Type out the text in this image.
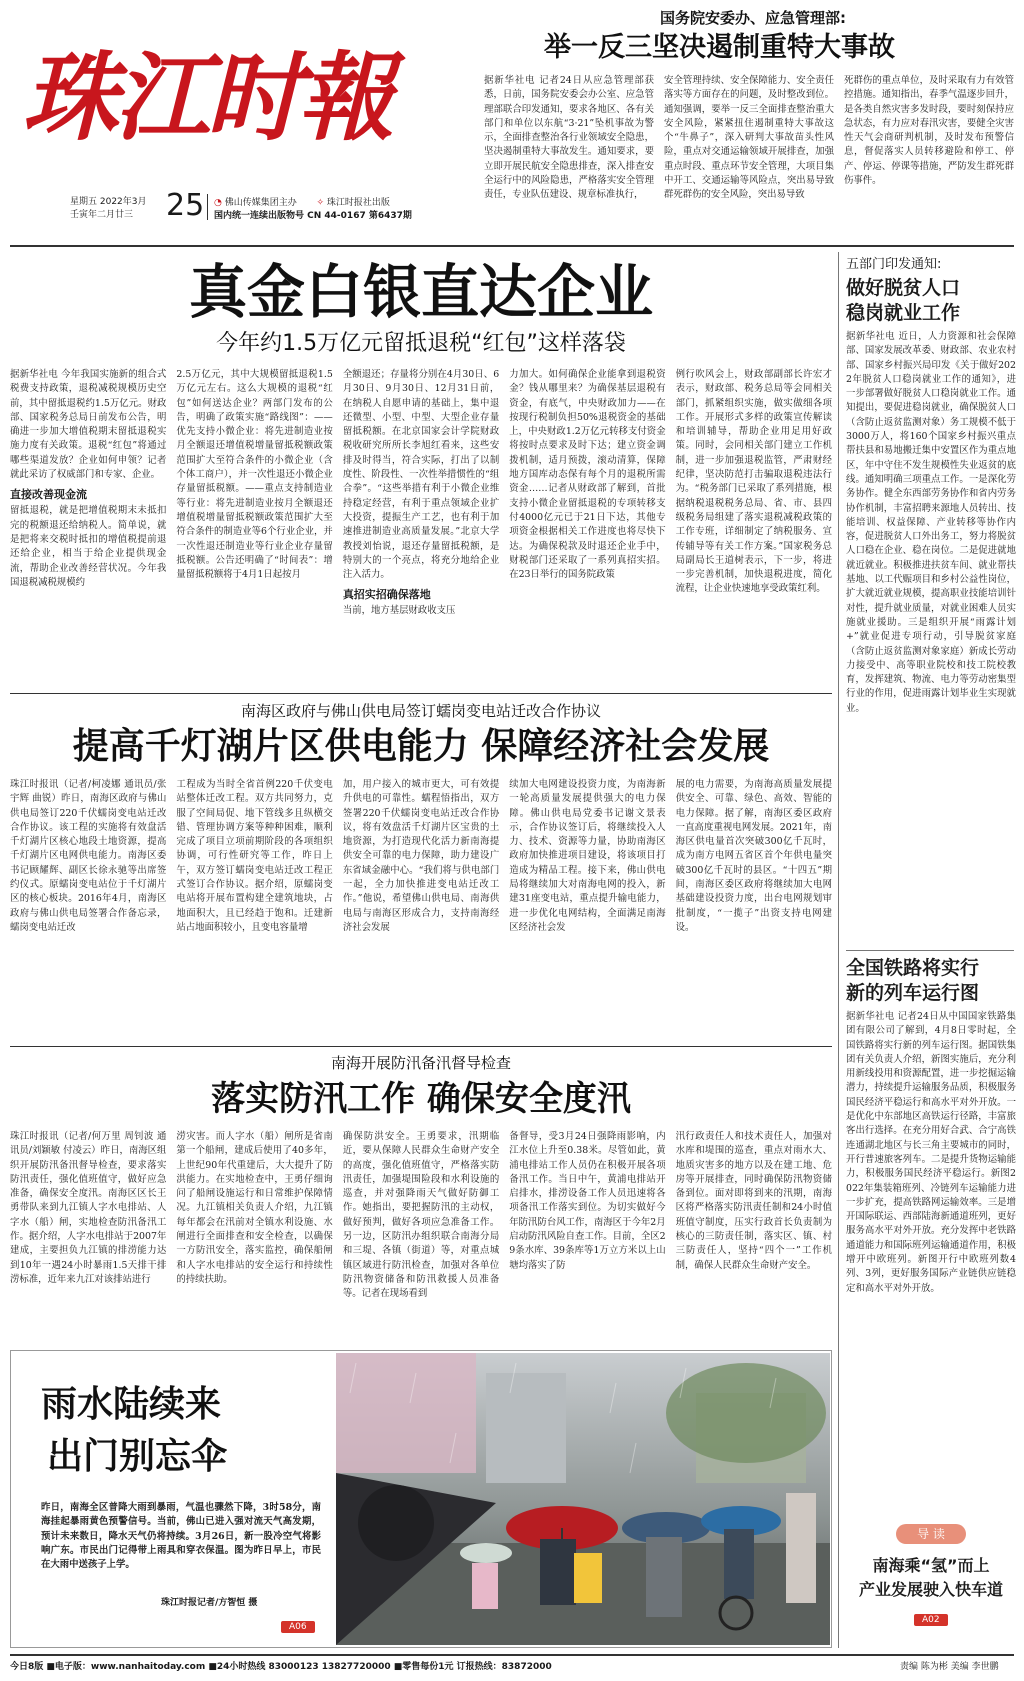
珠江时報
星期五 2022年3月
壬寅年二月廿三	25 ◔ 佛山传媒集团主办 ✧ 珠江时报社出版
国内统一连续出版物号 CN 44-0167 第6437期
国务院安委办、应急管理部:
举一反三坚决遏制重特大事故
据新华社电 记者24日从应急管理部获悉，日前，国务院安委会办公室、应急管理部联合印发通知，要求各地区、各有关部门和单位以东航“3·21”坠机事故为警示，全面排查整治各行业领域安全隐患，坚决遏制重特大事故发生。通知要求，要立即开展民航安全隐患排查，深入排查安全运行中的风险隐患，严格落实安全管理责任，专业队伍建设、规章标准执行，
安全管理持续、安全保障能力、安全责任落实等方面存在的问题，及时整改到位。通知强调，要举一反三全面排查整治重大安全风险，紧紧扭住遏制重特大事故这个“牛鼻子”，深入研判大事故苗头性风险，重点对交通运输领域开展排查，加强重点时段、重点环节安全管理，大项目集中开工、交通运输等风险点，突出易导致群死群伤的安全风险，突出易导致
死群伤的重点单位，及时采取有力有效管控措施。通知指出，春季气温逐步回升，是各类自然灾害多发时段，要时刻保持应急状态，有力应对春汛灾害，要健全灾害性天气会商研判机制，及时发布预警信息，督促落实人员转移避险和停工、停产、停运、停课等措施，严防发生群死群伤事件。
真金白银直达企业
今年约1.5万亿元留抵退税“红包”这样落袋
据新华社电 今年我国实施新的组合式税费支持政策，退税减税规模历史空前，其中留抵退税约1.5万亿元。财政部、国家税务总局日前发布公告，明确进一步加大增值税期末留抵退税实施力度有关政策。退税“红包”将通过哪些渠道发放？企业如何申领？记者就此采访了权威部门和专家、企业。
直接改善现金流
留抵退税，就是把增值税期末未抵扣完的税额退还给纳税人。简单说，就是把将来交税时抵扣的增值税提前退还给企业，相当于给企业提供现金流，帮助企业改善经营状况。今年我国退税减税规模约
2.5万亿元，其中大规模留抵退税1.5万亿元左右。这么大规模的退税“红包”如何送达企业？两部门发布的公告，明确了政策实施“路线图”：——优先支持小微企业：将先进制造业按月全额退还增值税增量留抵税额政策范围扩大至符合条件的小微企业（含个体工商户），并一次性退还小微企业存量留抵税额。——重点支持制造业等行业：将先进制造业按月全额退还增值税增量留抵税额政策范围扩大至符合条件的制造业等6个行业企业，并一次性退还制造业等行业企业存量留抵税额。公告还明确了“时间表”：增量留抵税额将于4月1日起按月
全额退还；存量将分别在4月30日、6月30日、9月30日、12月31日前，在纳税人自愿申请的基础上，集中退还微型、小型、中型、大型企业存量留抵税额。在北京国家会计学院财政税收研究所所长李旭红看来，这些安排及时得当，符合实际，打出了以制度性、阶段性、一次性举措惯性的“组合拳”。“这些举措有利于小微企业维持稳定经营，有利于重点领域企业扩大投资，提振生产工艺，也有利于加速推进制造业高质量发展。”北京大学教授刘怡说，退还存量留抵税额，是特别大的一个亮点，将充分地给企业注入活力。
真招实招确保落地
当前，地方基层财政收支压
力加大。如何确保企业能拿到退税资金？钱从哪里来？为确保基层退税有资金，有底气，中央财政加力——在按现行税制负担50%退税资金的基础上，中央财政1.2万亿元转移支付资金将按时点要求及时下达；建立资金调拨机制，适月预拨，滚动清算，保障地方国库动态保有每个月的退税所需资金……记者从财政部了解到，首批支持小微企业留抵退税的专项转移支付4000亿元已于21日下达，其他专项资金根据相关工作进度也将尽快下达。为确保税款及时退还企业手中，财税部门还采取了一系列真招实招。在23日举行的国务院政策
例行吹风会上，财政部副部长许宏才表示，财政部、税务总局等会同相关部门，抓紧组织实施，做实做细各项工作。开展形式多样的政策宣传解读和培训辅导，帮助企业用足用好政策。同时，会同相关部门建立工作机制，进一步加强退税监管，严肃财经纪律，坚决防范打击骗取退税违法行为。“税务部门已采取了系列措施，根据纳税退税税务总局、省、市、县四级税务局组建了落实退税减税政策的工作专班，详细制定了纳税服务、宣传辅导等有关工作方案。”国家税务总局副局长王道树表示，下一步，将进一步完善机制，加快退税进度，简化流程，让企业快速地享受政策红利。
南海区政府与佛山供电局签订蠕岗变电站迁改合作协议
提高千灯湖片区供电能力 保障经济社会发展
珠江时报讯（记者/柯凌娜 通讯员/张宇辉 曲锐）昨日，南海区政府与佛山供电局签订220千伏蠕岗变电站迁改合作协议。该工程的实施将有效盘活千灯湖片区核心地段土地资源，提高千灯湖片区电网供电能力。南海区委书记顾耀辉、副区长徐永驰等出席签约仪式。原蠕岗变电站位于千灯湖片区的核心板块。2016年4月，南海区政府与佛山供电局签署合作备忘录，蠕岗变电站迁改
工程成为当时全省首例220千伏变电站整体迁改工程。双方共同努力，克服了空间局促、地下管线多且纵横交错、管理协调方案等种种困难，顺利完成了项目立项前期阶段的各项组织协调，可行性研究等工作，昨日上午，双方签订蠕岗变电站迁改工程正式签订合作协议。据介绍，原蠕岗变电站将开展布置构建全建筑地块，占地面积大，且已经趋于饱和。迁建新站占地面积较小，且变电容量增
加，用户接入的城市更大，可有效提升供电的可靠性。蠕程悟指出，双方签署220千伏蠕岗变电站迁改合作协议，将有效盘活千灯湖片区宝贵的土地资源，为打造现代化活力新南海提供安全可靠的电力保障，助力建设广东省域金融中心。“我们将与供电部门一起，全力加快推进变电站迁改工作。”他说，希望佛山供电局、南海供电局与南海区形成合力，支持南海经济社会发展
续加大电网建设投资力度，为南海新一轮高质量发展提供强大的电力保障。佛山供电局党委书记谢文景表示，合作协议签订后，将继续投入人力、技术、资源等力量，协助南海区政府加快推进项目建设，将该项目打造成为精品工程。接下来，佛山供电局将继续加大对南海电网的投入，新建31座变电站，重点提升输电能力，进一步优化电网结构，全面满足南海区经济社会发
展的电力需要，为南海高质量发展提供安全、可靠、绿色、高效、智能的电力保障。据了解，南海区委区政府一直高度重视电网发展。2021年，南海区供电量首次突破300亿千瓦时，成为南方电网五省区首个年供电量突破300亿千瓦时的县区。“十四五”期间，南海区委区政府将继续加大电网基础建设投资力度，出台电网规划审批制度，“一揽子”出资支持电网建设。
南海开展防汛备汛督导检查
落实防汛工作 确保安全度汛
珠江时报讯（记者/何万里 周钊波 通讯员/刘颖敏 付凌云）昨日，南海区组织开展防汛备汛督导检查，要求落实防汛责任，强化值班值守，做好应急准备，确保安全度汛。南海区区长王勇带队来到九江镇人字水电排站、人字水（船）闸，实地检查防汛备汛工作。据介绍，人字水电排站于2007年建成，主要担负九江镇的排涝能力达到10年一遇24小时暴雨1.5天排干排涝标准，近年来九江对该排站进行
涝灾害。而人字水（船）闸所是省南第一个船闸，建成后使用了40多年，上世纪90年代重建后，大大提升了防洪能力。在实地检查中，王勇仔细询问了船闸设施运行和日常维护保障情况。九江镇相关负责人介绍，九江镇每年都会在汛前对全镇水利设施、水闸进行全面排查和安全检查，以确保一方防汛安全，落实监控，确保船闸和人字水电排站的安全运行和持续性的持续扶助。
确保防洪安全。王勇要求，汛期临近，要从保障人民群众生命财产安全的高度，强化值班值守，严格落实防汛责任，加强堤围险段和水利设施的巡查，并对强降雨天气做好防御工作。她指出，要把握防汛的主动权，做好预判，做好各项应急准备工作。另一边，区防汛办组织联合南海分局和三堤、各镇（街道）等，对重点城镇区域进行防汛检查，加强对各单位防汛物资储备和防汛救援人员准备等。记者在现场看到
备督导，受3月24日强降雨影响，内江水位上升至0.38米。尽管如此，黄浦电排站工作人员仍在积极开展各项备汛工作。当日中午，黄浦电排站开启排水，排涝设备工作人员迅速将各项备汛工作落实到位。为切实做好今年防汛防台风工作，南海区于今年2月启动防汛风险自查工作。目前，全区29条水库、39条库等1万立方米以上山塘均落实了防
汛行政责任人和技术责任人，加强对水库和堤围的巡查，重点对雨水大、地质灾害多的地方以及在建工地、危房等开展排查，同时确保防汛物资储备到位。面对即将到来的汛期，南海区将严格落实防汛责任制和24小时值班值守制度，压实行政首长负责制为核心的三防责任制，落实区、镇、村三防责任人，坚持“四个一”工作机制，确保人民群众生命财产安全。
雨水陆续来
出门别忘伞
昨日，南海全区普降大雨到暴雨，气温也骤然下降，3时58分，南海挂起暴雨黄色预警信号。当前，佛山已进入强对流天气高发期，预计未来数日，降水天气仍将持续。3月26日，新一股冷空气将影响广东。市民出门记得带上雨具和穿衣保温。图为昨日早上，市民在大雨中送孩子上学。
珠江时报记者/方智恒 摄
A06
五部门印发通知:
做好脱贫人口
稳岗就业工作
据新华社电 近日，人力资源和社会保障部、国家发展改革委、财政部、农业农村部、国家乡村振兴局印发《关于做好2022年脱贫人口稳岗就业工作的通知》，进一步部署做好脱贫人口稳岗就业工作。通知提出，要促进稳岗就业，确保脱贫人口（含防止返贫监测对象）务工规模不低于3000万人，将160个国家乡村振兴重点帮扶县和易地搬迁集中安置区作为重点地区，年中守住不发生规模性失业返贫的底线。通知明确三项重点工作。一是深化劳务协作。健全东西部劳务协作和省内劳务协作机制，丰富招聘来源地人员转出、技能培训、权益保障、产业转移等协作内容，促进脱贫人口外出务工，努力将脱贫人口稳在企业、稳在岗位。二是促进就地就近就业。积极推进扶贫车间、就业帮扶基地、以工代赈项目和乡村公益性岗位，扩大就近就业规模，提高职业技能培训针对性，提升就业质量，对就业困难人员实施就业援助。三是组织开展“雨露计划+”就业促进专项行动，引导脱贫家庭（含防止返贫监测对象家庭）新成长劳动力接受中、高等职业院校和技工院校教育，发挥建筑、物流、电力等劳动密集型行业的作用，促进雨露计划毕业生实现就业。
全国铁路将实行
新的列车运行图
据新华社电 记者24日从中国国家铁路集团有限公司了解到，4月8日零时起，全国铁路将实行新的列车运行图。据国铁集团有关负责人介绍，新图实施后，充分利用新线投用和资源配置，进一步挖掘运输潜力，持续提升运输服务品质，积极服务国民经济平稳运行和高水平对外开放。一是优化中东部地区高铁运行径路，丰富旅客出行选择。在充分用好合武、合宁高铁连通湖北地区与长三角主要城市的同时，开行普速旅客列车。二是提升货物运输能力，积极服务国民经济平稳运行。新图2022年集装箱班列、冷链列车运输能力进一步扩充，提高铁路网运输效率。三是增开国际联运、西部陆海新通道班列，更好服务高水平对外开放。充分发挥中老铁路通道能力和国际班列运输通道作用，积极增开中欧班列。新图开行中欧班列数4列、3列，更好服务国际产业链供应链稳定和高水平对外开放。
导 读
南海乘“氢”而上
产业发展驶入快车道
A02
今日8版 ■电子版：www.nanhaitoday.com ■24小时热线 83000123 13827720000 ■零售每份1元 订报热线：83872000	责编 陈为彬 美编 李世鹏
